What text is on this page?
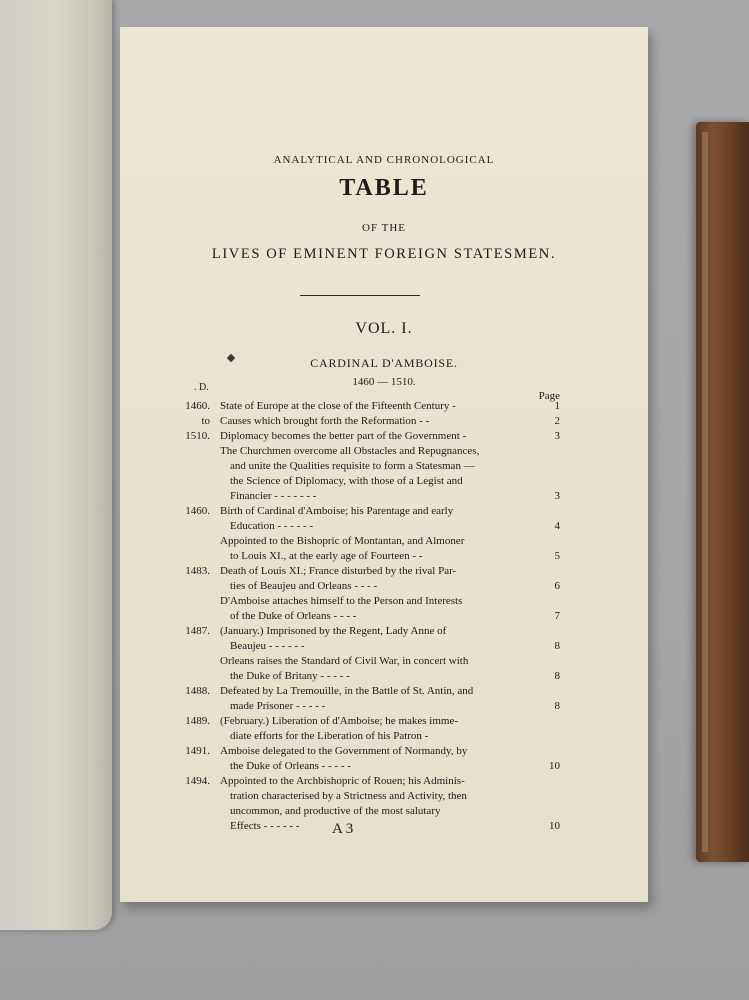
ANALYTICAL AND CHRONOLOGICAL
TABLE
OF THE
LIVES OF EMINENT FOREIGN STATESMEN.
VOL. I.
CARDINAL D'AMBOISE.
1460 — 1510.
. D.
Page
1460. State of Europe at the close of the Fifteenth Century -	1
to Causes which brought forth the Reformation - -	2
1510. Diplomacy becomes the better part of the Government -	3
The Churchmen overcome all Obstacles and Repugnances,
and unite the Qualities requisite to form a Statesman —
the Science of Diplomacy, with those of a Legist and
Financier - - - - - - -	3
1460. Birth of Cardinal d'Amboise; his Parentage and early
Education - - - - - -	4
Appointed to the Bishopric of Montantan, and Almoner
to Louis XI., at the early age of Fourteen - -	5
1483. Death of Louis XI.; France disturbed by the rival Par-
ties of Beaujeu and Orleans - - - -	6
D'Amboise attaches himself to the Person and Interests
of the Duke of Orleans - - - -	7
1487. (January.) Imprisoned by the Regent, Lady Anne of
Beaujeu - - - - - -	8
Orleans raises the Standard of Civil War, in concert with
the Duke of Britany - - - - -	8
1488. Defeated by La Tremouille, in the Battle of St. Antin, and
made Prisoner - - - - -	8
1489. (February.) Liberation of d'Amboise; he makes imme-
diate efforts for the Liberation of his Patron -
1491. Amboise delegated to the Government of Normandy, by
the Duke of Orleans - - - - -	10
1494. Appointed to the Archbishopric of Rouen; his Adminis-
tration characterised by a Strictness and Activity, then
uncommon, and productive of the most salutary
Effects - - - - - -	10
A 3
